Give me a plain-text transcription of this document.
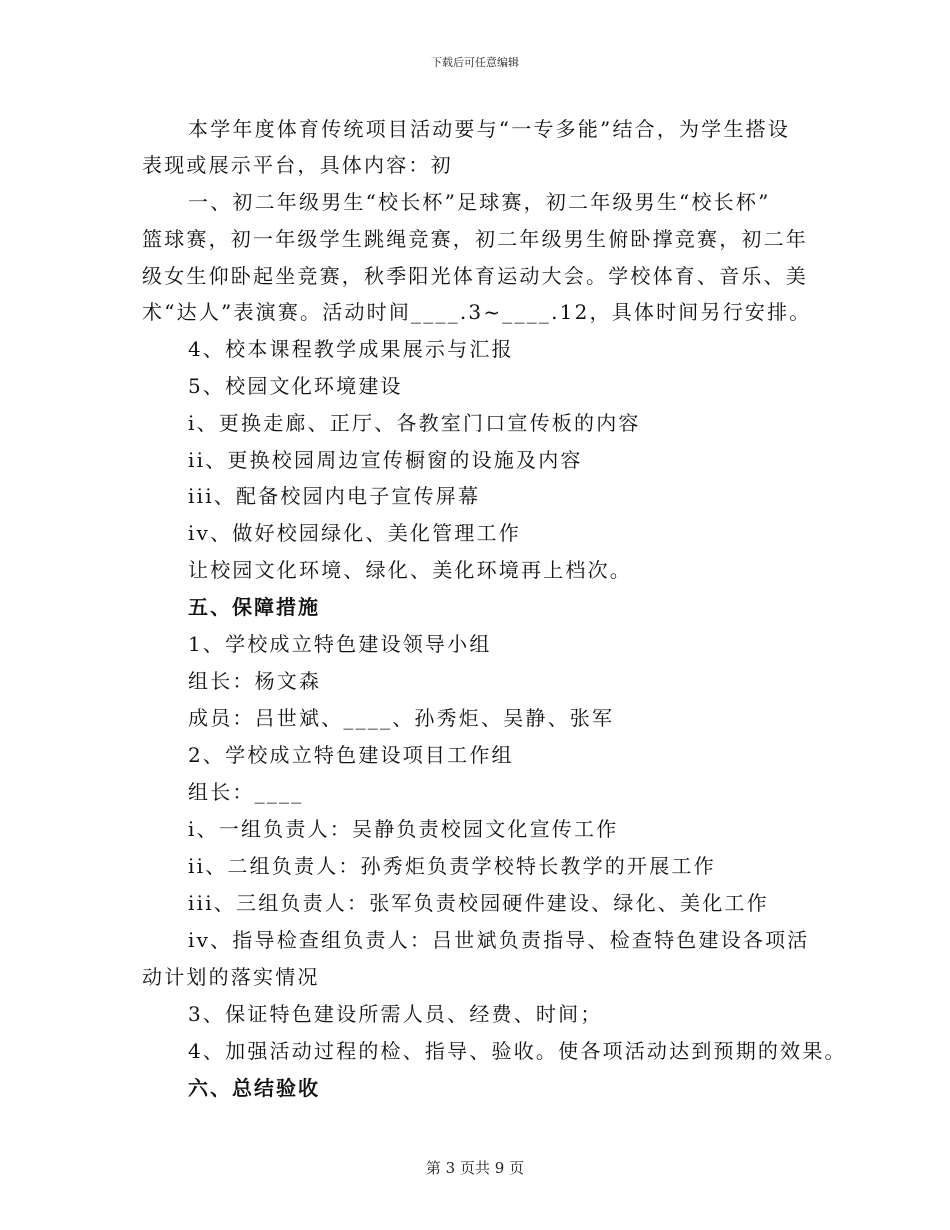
下载后可任意编辑
本学年度体育传统项目活动要与“一专多能”结合，为学生搭设
表现或展示平台，具体内容：初
一、初二年级男生“校长杯”足球赛，初二年级男生“校长杯”
篮球赛，初一年级学生跳绳竞赛，初二年级男生俯卧撑竞赛，初二年
级女生仰卧起坐竞赛，秋季阳光体育运动大会。学校体育、音乐、美
术“达人”表演赛。活动时间____.3~____.12，具体时间另行安排。
4、校本课程教学成果展示与汇报
5、校园文化环境建设
i、更换走廊、正厅、各教室门口宣传板的内容
ii、更换校园周边宣传橱窗的设施及内容
iii、配备校园内电子宣传屏幕
iv、做好校园绿化、美化管理工作
让校园文化环境、绿化、美化环境再上档次。
五、保障措施
1、学校成立特色建设领导小组
组长：杨文森
成员：吕世斌、____、孙秀炬、吴静、张军
2、学校成立特色建设项目工作组
组长：____
i、一组负责人：吴静负责校园文化宣传工作
ii、二组负责人：孙秀炬负责学校特长教学的开展工作
iii、三组负责人：张军负责校园硬件建设、绿化、美化工作
iv、指导检查组负责人：吕世斌负责指导、检查特色建设各项活
动计划的落实情况
3、保证特色建设所需人员、经费、时间；
4、加强活动过程的检、指导、验收。使各项活动达到预期的效果。
六、总结验收
第 3 页共 9 页
